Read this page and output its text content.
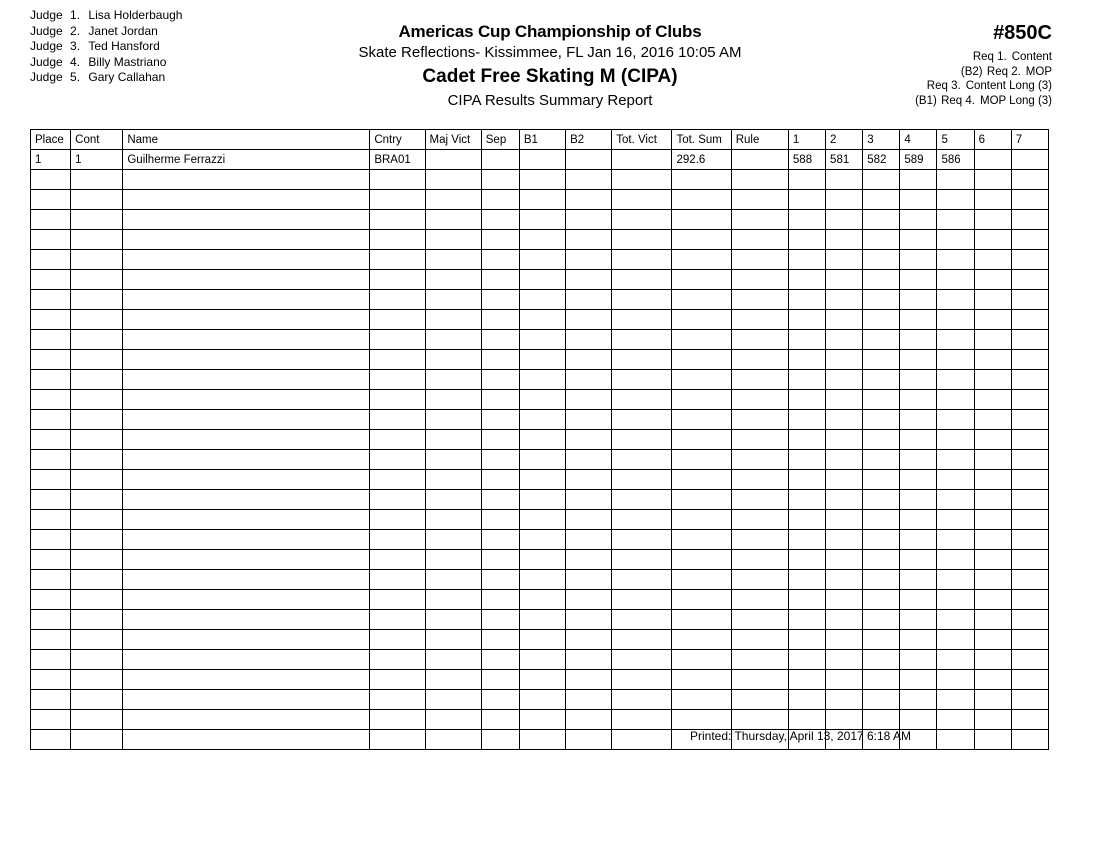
Judge 1. Lisa Holderbaugh
Judge 2. Janet Jordan
Judge 3. Ted Hansford
Judge 4. Billy Mastriano
Judge 5. Gary Callahan
Americas Cup Championship of Clubs
Skate Reflections- Kissimmee, FL Jan 16, 2016 10:05 AM
Cadet Free Skating M (CIPA)
CIPA Results Summary Report
#850C
Req 1. Content
(B2) Req 2. MOP
Req 3. Content Long (3)
(B1) Req 4. MOP Long (3)
Place	Cont	Name	Cntry	Maj Vict	Sep	B1	B2	Tot. Vict	Tot. Sum	Rule	1	2	3	4	5	6	7
1	1	Guilherme Ferrazzi	BRA01						292.6		588	581	582	589	586		

Printed: Thursday, April 13, 2017 6:18 AM
